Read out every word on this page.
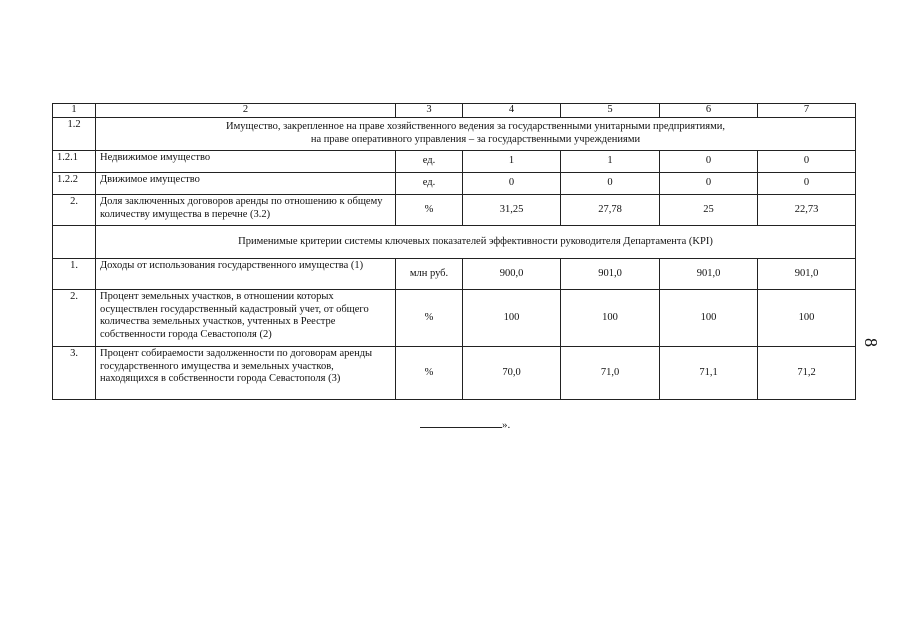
1	2	3	4	5	6	7
1.2	Имущество, закрепленное на праве хозяйственного ведения за государственными унитарными предприятиями,
на праве оперативного управления – за государственными учреждениями					

1.2.1	Недвижимое имущество	ед.	1	1	0	0
1.2.2	Движимое имущество	ед.	0	0	0	0
2.	Доля заключенных договоров аренды по отношению к общему количеству имущества в перечне (3.2)	%	31,25	27,78	25	22,73
	Применимые критерии системы ключевых показателей эффективности руководителя Департамента (KPI)					
1.	Доходы от использования государственного имущества (1)	млн руб.	900,0	901,0	901,0	901,0
2.	Процент земельных участков, в отношении которых осуществлен государственный кадастровый учет, от общего количества земельных участков, учтенных в Реестре собственности города Севастополя (2)	%	100	100	100	100
3.	Процент собираемости задолженности по договорам аренды государственного имущества и земельных участков, находящихся в собственности города Севастополя (3)	%	70,0	71,0	71,1	71,2
».
8
